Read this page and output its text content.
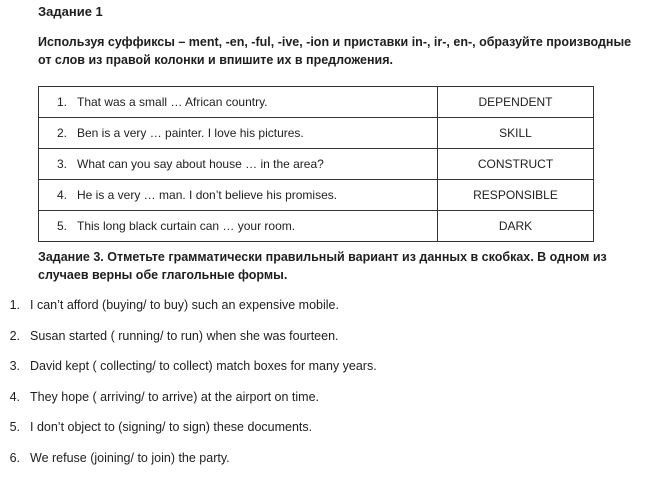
Задание 1
Используя суффиксы – ment, -en, -ful, -ive, -ion и приставки in-, ir-, en-, образуйте производные от слов из правой колонки и впишите их в предложения.
1. That was a small … African country.	DEPENDENT
2. Ben is a very … painter. I love his pictures.	SKILL
3. What can you say about house … in the area?	CONSTRUCT
4. He is a very … man. I don’t believe his promises.	RESPONSIBLE
5. This long black curtain can … your room.	DARK
Задание 3. Отметьте грамматически правильный вариант из данных в скобках. В одном из случаев верны обе глагольные формы.
1. I can’t afford (buying/ to buy) such an expensive mobile.
2. Susan started ( running/ to run) when she was fourteen.
3. David kept ( collecting/ to collect) match boxes for many years.
4. They hope ( arriving/ to arrive) at the airport on time.
5. I don’t object to (signing/ to sign) these documents.
6. We refuse (joining/ to join) the party.
